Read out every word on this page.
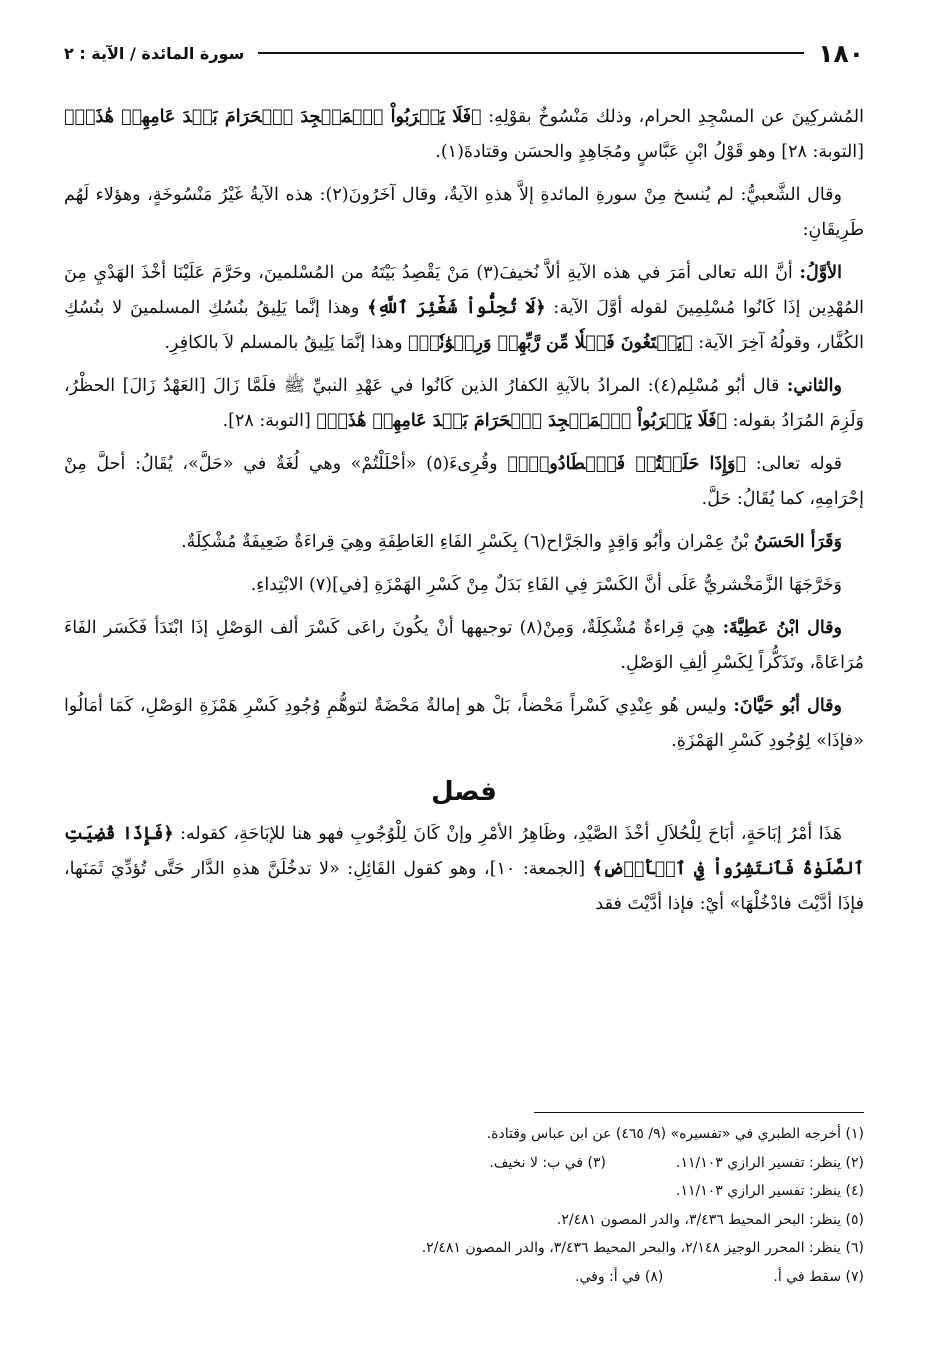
١٨٠
سورة المائدة / الآية : ٢

المُشركِينَ عن المسْجِدِ الحرام، وذلك مَنْسُوخٌ بقوْلِهِ: ﴿فَلَا يَقۡرَبُواْ ٱلۡمَسۡجِدَ ٱلۡحَرَامَ بَعۡدَ عَامِهِمۡ هَٰذَاۚ﴾ [التوبة: ٢٨] وهو قَوْلُ ابْنِ عَبَّاسٍ ومُجَاهِدٍ والحسَن وقتادةَ(١).

وقال الشَّعبيُّ: لم يُنسخ مِنْ سورةِ المائدةِ إلاَّ هذهِ الآيةُ، وقال آخَرُونَ(٢): هذه الآيةُ غَيْرُ مَنْسُوخَةٍ، وهؤلاء لَهُم طَرِيقَانِ:

الأوَّلُ: أنَّ الله تعالى أمَرَ في هذه الآيةِ ألاَّ نُخيفَ(٣) مَنْ يَقْصِدُ بَيْتَهُ من المُسْلمينَ، وحَرَّمَ عَلَيْنَا أخْذَ الهَدْيِ مِنَ المُهْدِين إذَا كَانُوا مُسْلِمِينَ لقوله أوَّلَ الآية: ﴿لَا تُحِلُّواْ شَعَٰٓئِرَ ٱللَّهِ﴾ وهذا إنَّما يَلِيقُ بنُسُكِ المسلمينَ لا بنُسُكِ الكُفَّار، وقولُهُ آخِرَ الآية: ﴿يَبۡتَغُونَ فَضۡلٗا مِّن رَّبِّهِمۡ وَرِضۡوَٰنٗاۚ﴾ وهذا إنَّمَا يَلِيقُ بالمسلم لاَ بالكافِرِ.

والثاني: قال أبُو مُسْلِم(٤): المرادُ بالآيةِ الكفارُ الذين كَانُوا في عَهْدِ النبيِّ ﷺ فلَمَّا زَالَ [العَهْدُ زَالَ] الحظْرُ، وَلَزِمَ المُرَادُ بقوله: ﴿فَلَا يَقۡرَبُواْ ٱلۡمَسۡجِدَ ٱلۡحَرَامَ بَعۡدَ عَامِهِمۡ هَٰذَاۚ﴾ [التوبة: ٢٨].

قوله تعالى: ﴿وَإِذَا حَلَلۡتُمۡ فَٱصۡطَادُواْۚ﴾ وقُرِىءَ(٥) «أحْلَلْتُمْ» وهي لُغَةٌ في «حَلَّ»، يُقَالُ: أحلَّ مِنْ إحْرَامِهِ، كما يُقَالُ: حَلَّ.

وَقَرَأ الحَسَنُ بْنُ عِمْران وأبُو وَاقِدٍ والجَرَّاح(٦) بِكَسْرِ الفَاءِ العَاطِفَةِ وهِيَ قِراءَةٌ ضَعِيفَةٌ مُشْكِلَةٌ.

وَخَرَّجَهَا الزَّمَخْشريُّ عَلَى أنَّ الكَسْرَ فِي الفَاءِ بَدَلٌ مِنْ كَسْرِ الهَمْزَةِ [في](٧) الابْتِداءِ.

وقال ابْنُ عَطِيَّةَ: هِيَ قِراءةٌ مُشْكِلَةٌ، وَمِنْ(٨) توجيهها أنْ يكُونَ راعَى كَسْرَ ألف الوَصْلِ إذَا ابْتَدَأ فَكَسَر الفَاءَ مُرَاعَاةً، وتَذَكُّراً لِكَسْرِ ألِفِ الوَصْلِ.

وقال أبُو حَيَّانَ: وليس هُو عِنْدِي كَسْراً مَحْضاً، بَلْ هو إمالةٌ مَحْضَةٌ لتوهُّمِ وُجُودِ كَسْرِ هَمْزَةِ الوَصْلِ، كَمَا أمَالُوا «فإذَا» لِوُجُودِ كَسْرِ الهَمْزَةِ.

فصل

هَذَا أمْرُ إبَاحَةٍ، أبَاحَ لِلْحُلاَلِ أخْذَ الصَّيْدِ، وظَاهِرُ الأمْرِ وإنْ كَانَ لِلْوُجُوبِ فهو هنا للإبَاحَةِ، كقوله: ﴿فَإِذَا قُضِيَتِ ٱلصَّلَوٰةُ فَٱنتَشِرُواْ فِي ٱلۡأَرۡضِ﴾ [الجمعة: ١٠]، وهو كقول القَائِلِ: «لا تدخُلَنَّ هذهِ الدَّار حَتَّى تُؤدِّيَ ثَمَنَها، فإذَا أدَّيْتَ فادْخُلْهَا» أيْ: فإذا أدَّيْتَ فقد

(١) أخرجه الطبري في «تفسيره» (٩/ ٤٦٥) عن ابن عباس وقتادة.
(٢) ينظر: تفسير الرازي ١١/١٠٣.(٣) في ب: لا نخيف.
(٤) ينظر: تفسير الرازي ١١/١٠٣.
(٥) ينظر: البحر المحيط ٣/٤٣٦، والدر المصون ٢/٤٨١.
(٦) ينظر: المحرر الوجيز ٢/١٤٨، والبحر المحيط ٣/٤٣٦، والدر المصون ٢/٤٨١.
(٧) سقط في أ.(٨) في أ: وفي.
